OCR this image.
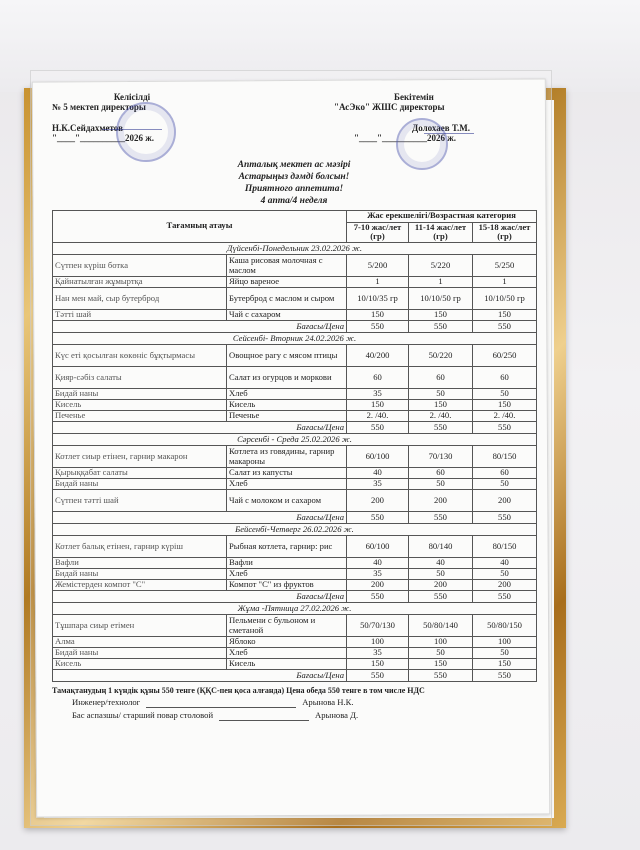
Келісілді
№ 5 мектеп директоры
Н.К.Сейдахметов
"____"__________2026 ж.
Бекітемін
"АсЭко" ЖШС директоры
Долохаев Т.М.
"____"__________2026 ж.
Апталық мектеп ас мәзірі
Астарыңыз дәмді болсын!
Приятного аппетита!
4 апта/4 неделя
Тағамның атауы		Жас ерекшелігі/Возрастная категория		
		7-10 жас/лет (гр)	11-14 жас/лет (гр)	15-18 жас/лет (гр)
Дүйсенбі-Понедельник 23.02.2026 ж.				
Сүтпен күріш ботка	Каша рисовая молочная с маслом	5/200	5/220	5/250
Қайнатылған жұмыртқа	Яйцо вареное	1	1	1
Нан мен май, сыр бутерброд	Бутерброд с маслом и сыром	10/10/35 гр	10/10/50 гр	10/10/50 гр
Тәтті шай	Чай с сахаром	150	150	150
Бағасы/Цена		550	550	550
Сейсенбі- Вторник 24.02.2026 ж.				
Күс еті қосылған көкөніс бұқтырмасы	Овощное рагу с мясом птицы	40/200	50/220	60/250
Қияр-сәбіз салаты	Салат из огурцов и моркови	60	60	60
Бидай наны	Хлеб	35	50	50
Кисель	Кисель	150	150	150
Печенье	Печенье	2. /40.	2. /40.	2. /40.
Бағасы/Цена		550	550	550
Сәрсенбі - Среда 25.02.2026 ж.				
Котлет сиыр етінен, гарнир макарон	Котлета из говядины, гарнир макароны	60/100	70/130	80/150
Қырыққабат салаты	Салат из капусты	40	60	60
Бидай наны	Хлеб	35	50	50
Сүтпен тәтті шай	Чай с молоком и сахаром	200	200	200
Бағасы/Цена		550	550	550
Бейсенбі-Четверг 26.02.2026 ж.				
Котлет балық етінен, гарнир күріш	Рыбная котлета, гарнир: рис	60/100	80/140	80/150
Вафли	Вафли	40	40	40
Бидай наны	Хлеб	35	50	50
Жемістерден компот "С"	Компот "С" из фруктов	200	200	200
Бағасы/Цена		550	550	550
Жұма -Пятница 27.02.2026 ж.				
Тұшпара сиыр етімен	Пельмени с бульоном и сметаной	50/70/130	50/80/140	50/80/150
Алма	Яблоко	100	100	100
Бидай наны	Хлеб	35	50	50
Кисель	Кисель	150	150	150
Бағасы/Цена		550	550	550
Тамақтанудың 1 күндік құны 550 тенге (ҚҚС-пен қоса алғанда) Цена обеда 550 тенге в том числе НДС
Инженер/технолог	Арынова Н.К.
Бас аспазшы/ старший повар столовой	Арынова Д.
